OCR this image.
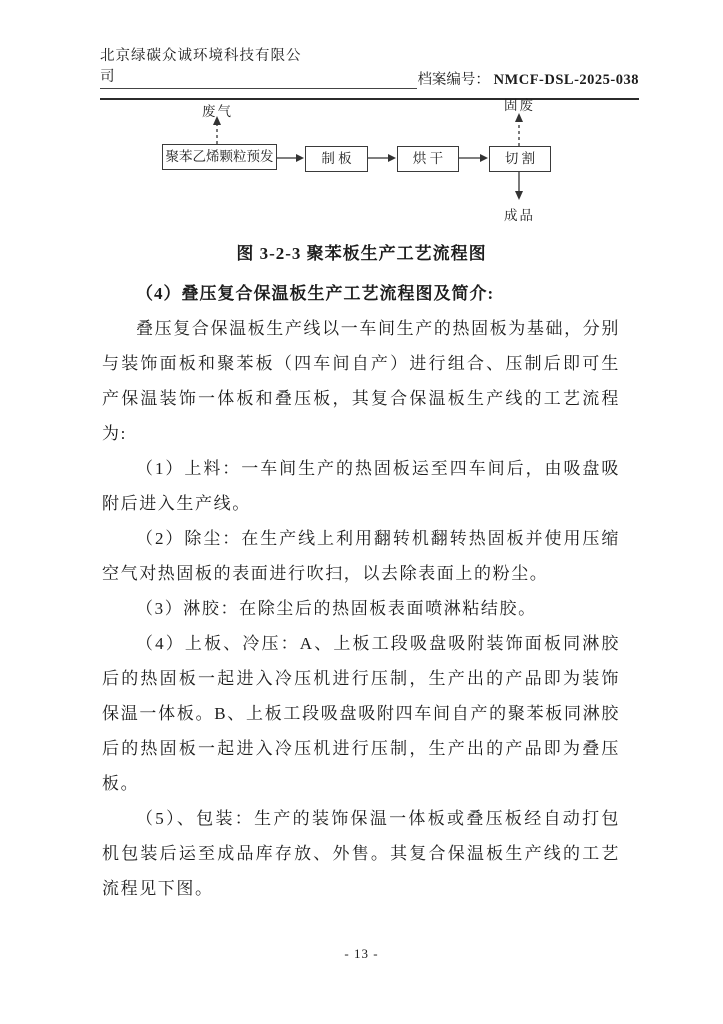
北京绿碳众诚环境科技有限公司	档案编号： NMCF-DSL-2025-038
废气	固废
成品
聚苯乙烯颗粒预发	制 板	烘 干	切 割
图 3-2-3 聚苯板生产工艺流程图

（4）叠压复合保温板生产工艺流程图及简介:

叠压复合保温板生产线以一车间生产的热固板为基础，分别与装饰面板和聚苯板（四车间自产）进行组合、压制后即可生产保温装饰一体板和叠压板，其复合保温板生产线的工艺流程为:

（1）上料：一车间生产的热固板运至四车间后，由吸盘吸附后进入生产线。

（2）除尘：在生产线上利用翻转机翻转热固板并使用压缩空气对热固板的表面进行吹扫，以去除表面上的粉尘。

（3）淋胶：在除尘后的热固板表面喷淋粘结胶。

（4）上板、冷压：A、上板工段吸盘吸附装饰面板同淋胶后的热固板一起进入冷压机进行压制，生产出的产品即为装饰保温一体板。B、上板工段吸盘吸附四车间自产的聚苯板同淋胶后的热固板一起进入冷压机进行压制，生产出的产品即为叠压板。

（5）、包装：生产的装饰保温一体板或叠压板经自动打包机包装后运至成品库存放、外售。其复合保温板生产线的工艺流程见下图。

- 13 -
